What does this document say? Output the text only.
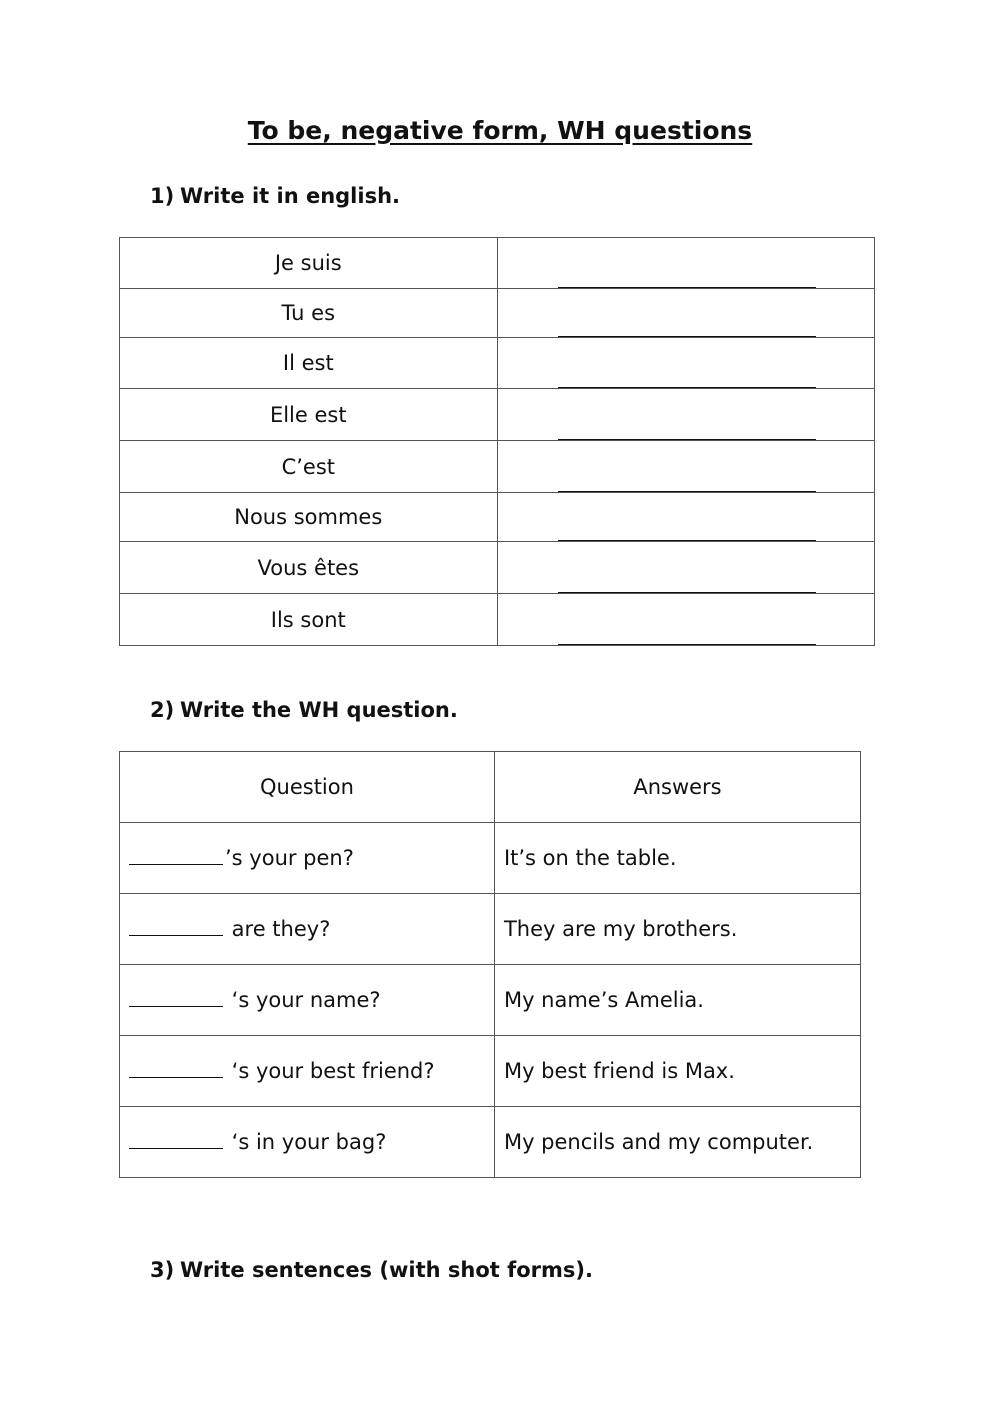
To be, negative form, WH questions
1) Write it in english.
Je suis	

Tu es	

Il est	

Elle est	

C’est	

Nous sommes	

Vous êtes	

Ils sont	
2) Write the WH question.
Question	Answers
’s your pen?	It’s on the table.
are they?	They are my brothers.
‘s your name?	My name’s Amelia.
‘s your best friend?	My best friend is Max.
‘s in your bag?	My pencils and my computer.
3) Write sentences (with shot forms).
